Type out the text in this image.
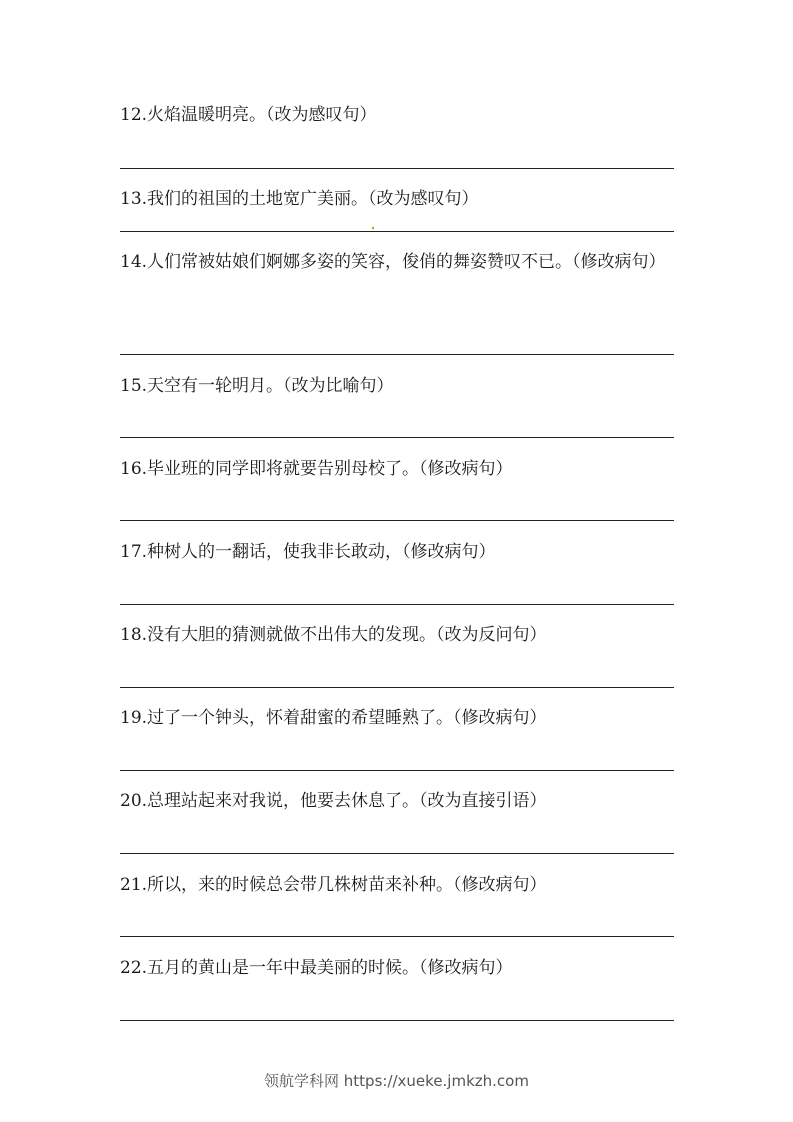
12.火焰温暖明亮。（改为感叹句）
13.我们的祖国的土地宽广美丽。（改为感叹句）
14.人们常被姑娘们婀娜多姿的笑容，俊俏的舞姿赞叹不已。（修改病句）
15.天空有一轮明月。（改为比喻句）
16.毕业班的同学即将就要告别母校了。（修改病句）
17.种树人的一翻话，使我非长敢动，（修改病句）
18.没有大胆的猜测就做不出伟大的发现。（改为反问句）
19.过了一个钟头，怀着甜蜜的希望睡熟了。（修改病句）
20.总理站起来对我说，他要去休息了。（改为直接引语）
21.所以，来的时候总会带几株树苗来补种。（修改病句）
22.五月的黄山是一年中最美丽的时候。（修改病句）
领航学科网 https://xueke.jmkzh.com
